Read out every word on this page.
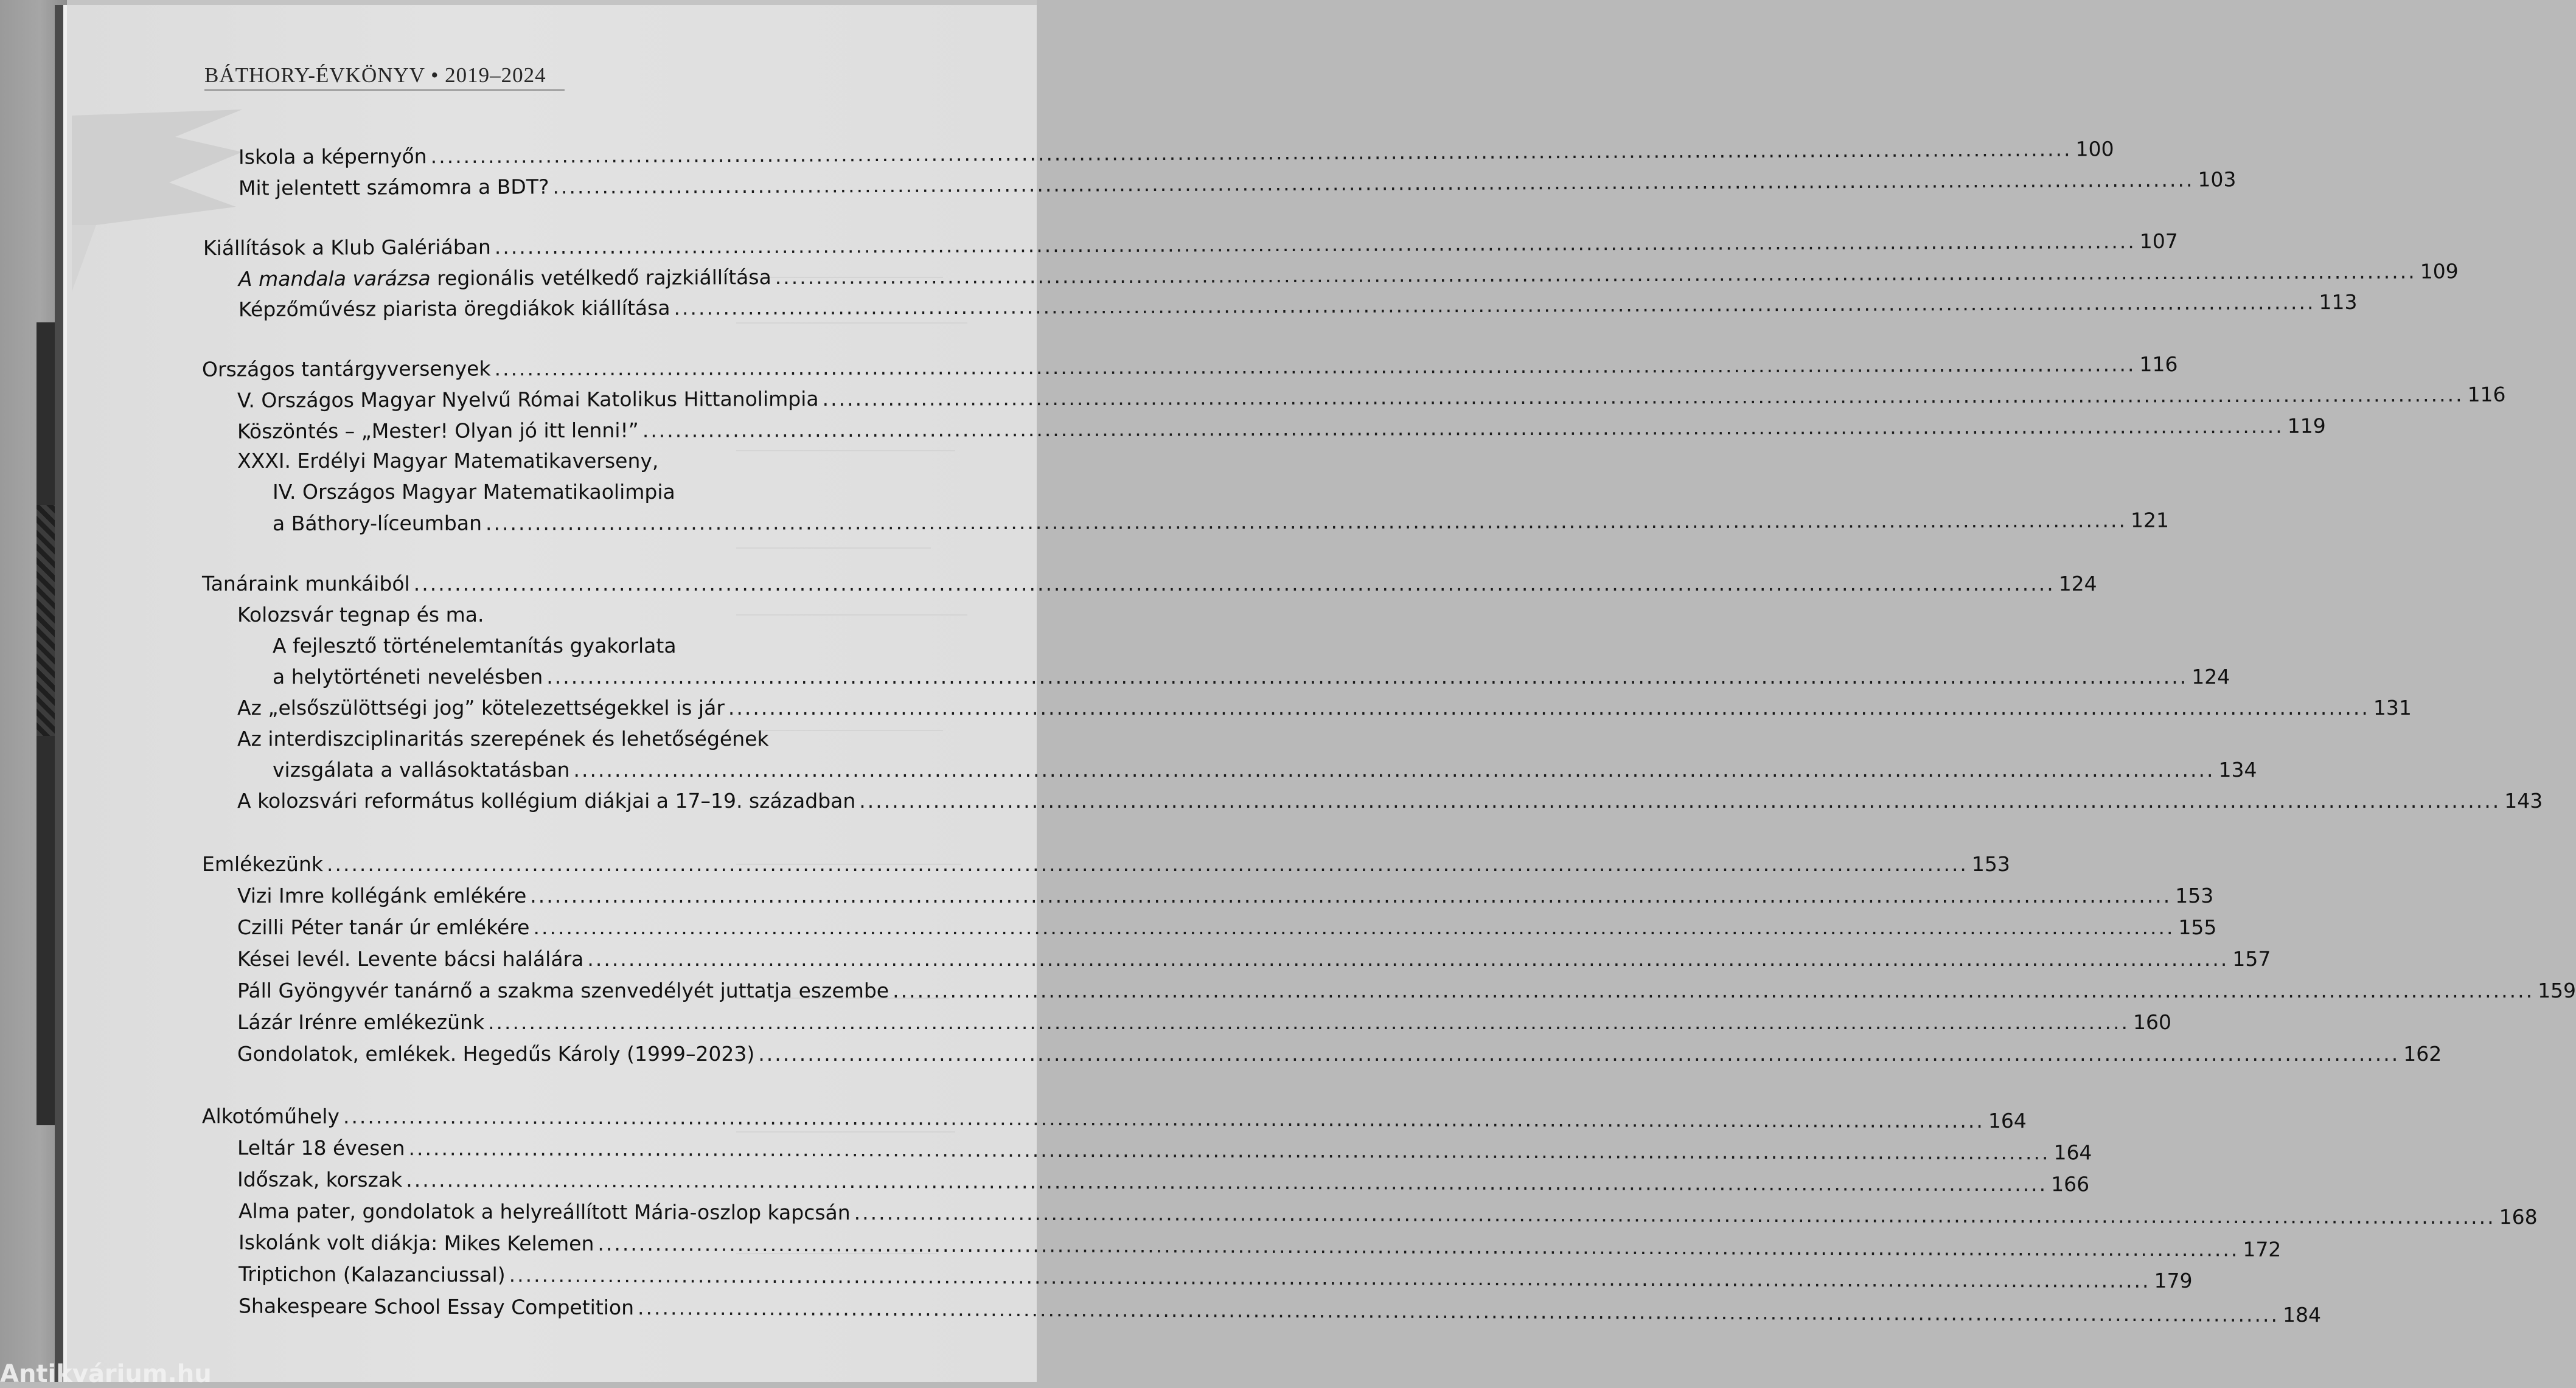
BÁTHORY-ÉVKÖNYV • 2019–2024
Iskola a képernyőn ........................................................................................................................................................................................................ 100
Mit jelentett számomra a BDT? ........................................................................................................................................................................................................ 103
Kiállítások a Klub Galériában ........................................................................................................................................................................................................ 107
A mandala varázsa regionális vetélkedő rajzkiállítása ........................................................................................................................................................................................................ 109
Képzőművész piarista öregdiákok kiállítása ........................................................................................................................................................................................................ 113
Országos tantárgyversenyek ........................................................................................................................................................................................................ 116
V. Országos Magyar Nyelvű Római Katolikus Hittanolimpia ........................................................................................................................................................................................................ 116
Köszöntés – „Mester! Olyan jó itt lenni!” ........................................................................................................................................................................................................ 119
XXXI. Erdélyi Magyar Matematikaverseny,
IV. Országos Magyar Matematikaolimpia
a Báthory-líceumban ........................................................................................................................................................................................................ 121
Tanáraink munkáiból ........................................................................................................................................................................................................ 124
Kolozsvár tegnap és ma.
A fejlesztő történelemtanítás gyakorlata
a helytörténeti nevelésben ........................................................................................................................................................................................................ 124
Az „elsőszülöttségi jog” kötelezettségekkel is jár ........................................................................................................................................................................................................ 131
Az interdiszciplinaritás szerepének és lehetőségének
vizsgálata a vallásoktatásban ........................................................................................................................................................................................................ 134
A kolozsvári református kollégium diákjai a 17–19. században ........................................................................................................................................................................................................ 143
Emlékezünk ........................................................................................................................................................................................................ 153
Vizi Imre kollégánk emlékére ........................................................................................................................................................................................................ 153
Czilli Péter tanár úr emlékére ........................................................................................................................................................................................................ 155
Kései levél. Levente bácsi halálára ........................................................................................................................................................................................................ 157
Páll Gyöngyvér tanárnő a szakma szenvedélyét juttatja eszembe ........................................................................................................................................................................................................ 159
Lázár Irénre emlékezünk ........................................................................................................................................................................................................ 160
Gondolatok, emlékek. Hegedűs Károly (1999–2023) ........................................................................................................................................................................................................ 162
Alkotóműhely ........................................................................................................................................................................................................ 164
Leltár 18 évesen ........................................................................................................................................................................................................ 164
Időszak, korszak ........................................................................................................................................................................................................ 166
Alma pater, gondolatok a helyreállított Mária-oszlop kapcsán ........................................................................................................................................................................................................ 168
Iskolánk volt diákja: Mikes Kelemen ........................................................................................................................................................................................................ 172
Triptichon (Kalazanciussal) ........................................................................................................................................................................................................ 179
Shakespeare School Essay Competition ........................................................................................................................................................................................................ 184
Antikvárium.hu
